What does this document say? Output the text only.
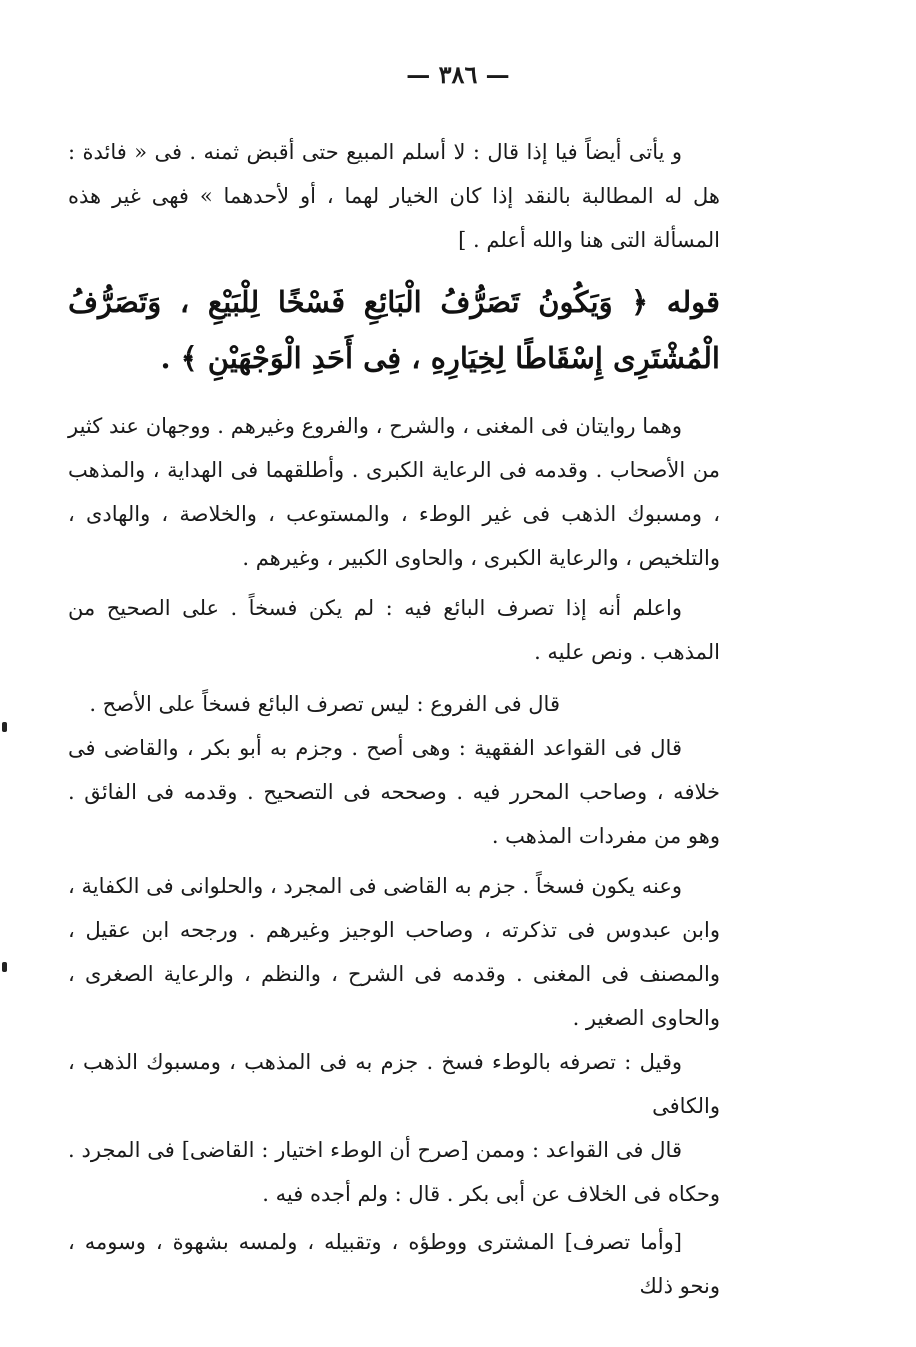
— ٣٨٦ —

و يأتى أيضاً فيا إذا قال : لا أسلم المبيع حتى أقبض ثمنه . فى « فائدة : هل له المطالبة بالنقد إذا كان الخيار لهما ، أو لأحدهما » فهى غير هذه المسألة التى هنا والله أعلم . ]

قوله ﴿ وَيَكُونُ تَصَرُّفُ الْبَائِعِ فَسْخًا لِلْبَيْعِ ، وَتَصَرُّفُ الْمُشْتَرِى إِسْقَاطًا لِخِيَارِهِ ، فِى أَحَدِ الْوَجْهَيْنِ ﴾ .

وهما روايتان فى المغنى ، والشرح ، والفروع وغيرهم . ووجهان عند كثير من الأصحاب . وقدمه فى الرعاية الكبرى . وأطلقهما فى الهداية ، والمذهب ، ومسبوك الذهب فى غير الوطء ، والمستوعب ، والخلاصة ، والهادى ، والتلخيص ، والرعاية الكبرى ، والحاوى الكبير ، وغيرهم .

واعلم أنه إذا تصرف البائع فيه : لم يكن فسخاً . على الصحيح من المذهب . ونص عليه .

قال فى الفروع : ليس تصرف البائع فسخاً على الأصح .

قال فى القواعد الفقهية : وهى أصح . وجزم به أبو بكر ، والقاضى فى خلافه ، وصاحب المحرر فيه . وصححه فى التصحيح . وقدمه فى الفائق . وهو من مفردات المذهب .

وعنه يكون فسخاً . جزم به القاضى فى المجرد ، والحلوانى فى الكفاية ، وابن عبدوس فى تذكرته ، وصاحب الوجيز وغيرهم . ورجحه ابن عقيل ، والمصنف فى المغنى . وقدمه فى الشرح ، والنظم ، والرعاية الصغرى ، والحاوى الصغير .

وقيل : تصرفه بالوطء فسخ . جزم به فى المذهب ، ومسبوك الذهب ، والكافى

قال فى القواعد : وممن [صرح أن الوطء اختيار : القاضى] فى المجرد . وحكاه فى الخلاف عن أبى بكر . قال : ولم أجده فيه .

[وأما تصرف] المشترى ووطؤه ، وتقبيله ، ولمسه بشهوة ، وسومه ، ونحو ذلك
